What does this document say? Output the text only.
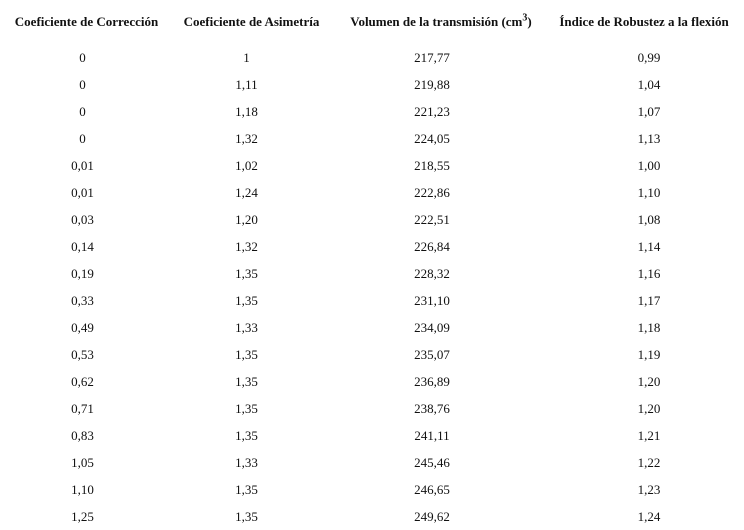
Coeficiente de Corrección	Coeficiente de Asimetría	Volumen de la transmisión $(cm^3)$	Índice de Robustez a la flexión
0	1	217,77	0,99
0	1,11	219,88	1,04
0	1,18	221,23	1,07
0	1,32	224,05	1,13
0,01	1,02	218,55	1,00
0,01	1,24	222,86	1,10
0,03	1,20	222,51	1,08
0,14	1,32	226,84	1,14
0,19	1,35	228,32	1,16
0,33	1,35	231,10	1,17
0,49	1,33	234,09	1,18
0,53	1,35	235,07	1,19
0,62	1,35	236,89	1,20
0,71	1,35	238,76	1,20
0,83	1,35	241,11	1,21
1,05	1,33	245,46	1,22
1,10	1,35	246,65	1,23
1,25	1,35	249,62	1,24
